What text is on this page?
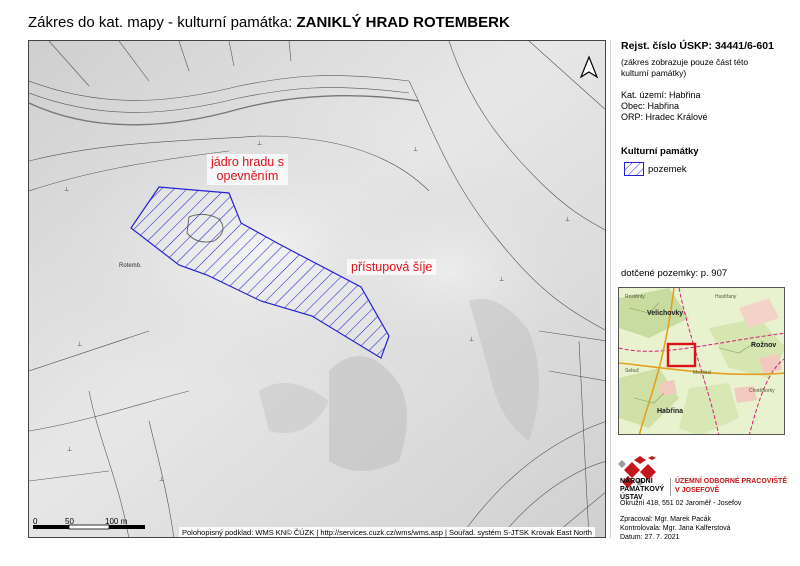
Zákres do kat. mapy - kulturní památka: ZANIKLÝ HRAD ROTEMBERK
⊥
⊥
⊥
⊥
⊥
⊥
⊥
⊥
⊥
jádro hradu s
opevněním
přístupová šíje
Rotemb.
0	50	100 m
Polohopisný podklad: WMS KN© ČÚZK | http://services.cuzk.cz/wms/wms.asp | Souřad. systém S-JTSK Krovak East North
Rejst. číslo ÚSKP: 34441/6-601
(zákres zobrazuje pouze část této
kulturní památky)
Kat. území: Habřina
Obec: Habřina
ORP: Hradec Králové
Kulturní památky
pozemek
dotčené pozemky: p. 907
Velichovky
Rožnov
Habřina
Rostěnty	Hustířany
Mezilesí
Chotěborky
Sebuč
NÁRODNÍ
PAMÁTKOVÝ
ÚSTAV
ÚZEMNÍ ODBORNÉ PRACOVIŠTĚ
V JOSEFOVĚ
Okružní 418, 551 02 Jaroměř - Josefov
Zpracoval: Mgr. Marek Pacák
Kontrolovala: Mgr. Jana Kalferstová
Datum: 27. 7. 2021
